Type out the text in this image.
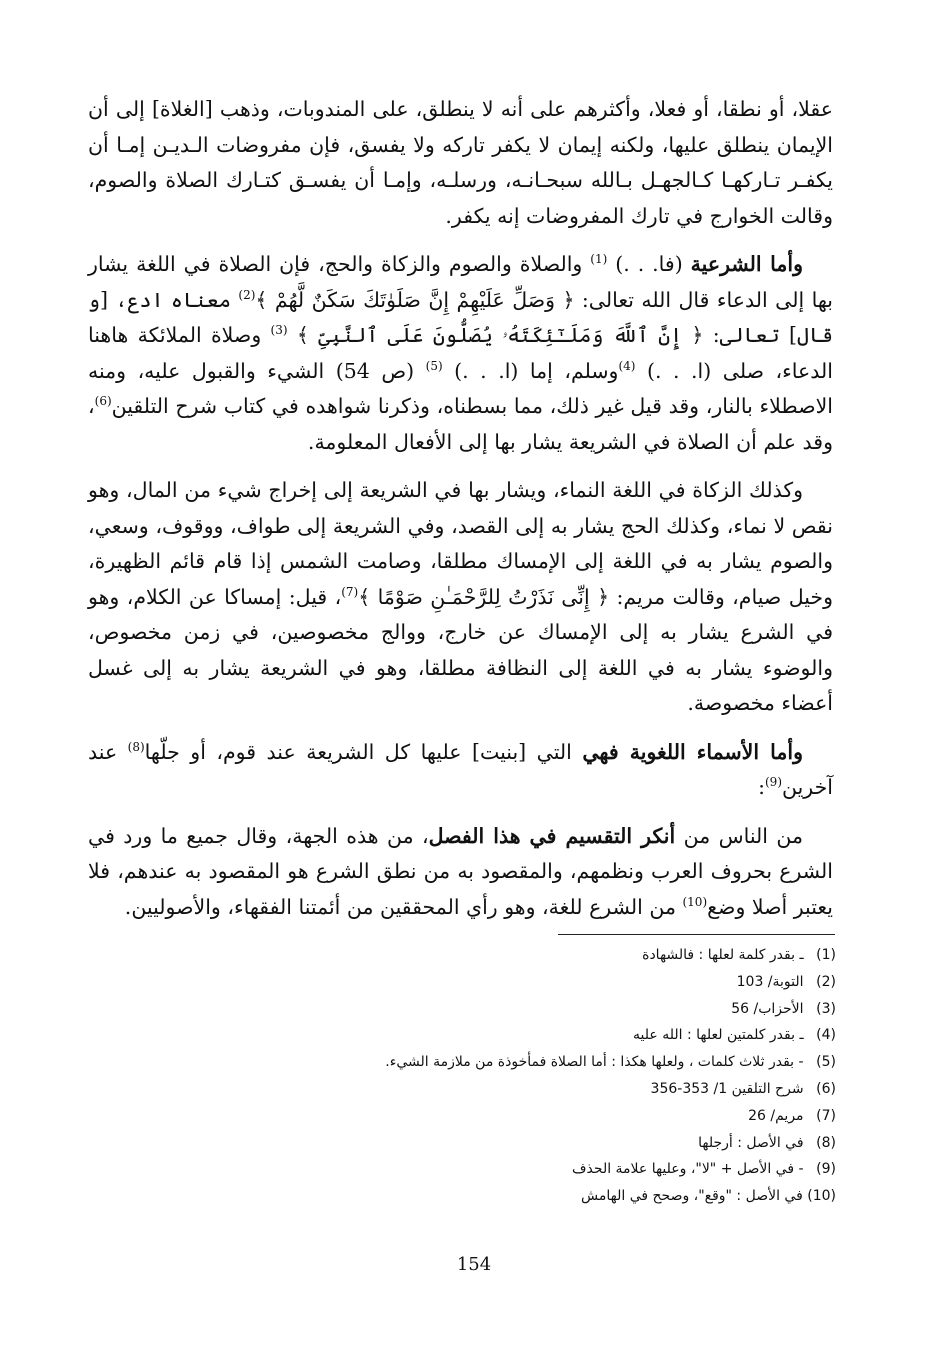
عقلا، أو نطقا، أو فعلا، وأكثرهم على أنه لا ينطلق، على المندوبات، وذهب [الغلاة] إلى أن الإيمان ينطلق عليها، ولكنه إيمان لا يكفر تاركه ولا يفسق، فإن مفروضات الـديـن إمـا أن يكفـر تـاركهـا كـالجهـل بـالله سبحـانـه، ورسلـه، وإمـا أن يفسـق كتـارك الصلاة والصوم، وقالت الخوارج في تارك المفروضات إنه يكفر.

وأما الشرعية (فا. . .) $^{(1)}$ والصلاة والصوم والزكاة والحج، فإن الصلاة في اللغة يشار بها إلى الدعاء قال الله تعالى: ﴿ وَصَلِّ عَلَيْهِمْ إِنَّ صَلَوٰتَكَ سَكَنٌ لَّهُمْ ﴾$^{(2)}$ معناه ادع، [و قال] تعالى: ﴿ إِنَّ ٱللَّهَ وَمَلَـٰٓئِكَتَهُۥ يُصَلُّونَ عَلَى ٱلنَّبِىِّ ﴾ $^{(3)}$ وصلاة الملائكة هاهنا الدعاء، صلى (ا. . .) $^{(4)}$وسلم، إما (ا. . .) $^{(5)}$ (ص 54) الشيء والقبول عليه، ومنه الاصطلاء بالنار، وقد قيل غير ذلك، مما بسطناه، وذكرنا شواهده في كتاب شرح التلقين$^{(6)}$، وقد علم أن الصلاة في الشريعة يشار بها إلى الأفعال المعلومة.

وكذلك الزكاة في اللغة النماء، ويشار بها في الشريعة إلى إخراج شيء من المال، وهو نقص لا نماء، وكذلك الحج يشار به إلى القصد، وفي الشريعة إلى طواف، ووقوف، وسعي، والصوم يشار به في اللغة إلى الإمساك مطلقا، وصامت الشمس إذا قام قائم الظهيرة، وخيل صيام، وقالت مريم: ﴿ إِنِّى نَذَرْتُ لِلرَّحْمَـٰنِ صَوْمًا ﴾$^{(7)}$، قيل: إمساكا عن الكلام، وهو في الشرع يشار به إلى الإمساك عن خارج، ووالج مخصوصين، في زمن مخصوص، والوضوء يشار به في اللغة إلى النظافة مطلقا، وهو في الشريعة يشار به إلى غسل أعضاء مخصوصة.

وأما الأسماء اللغوية فهي التي [بنيت] عليها كل الشريعة عند قوم، أو جلّها$^{(8)}$ عند آخرين$^{(9)}$:

من الناس من أنكر التقسيم في هذا الفصل، من هذه الجهة، وقال جميع ما ورد في الشرع بحروف العرب ونظمهم، والمقصود به من نطق الشرع هو المقصود به عندهم، فلا يعتبر أصلا وضع$^{(10)}$ من الشرع للغة، وهو رأي المحققين من أئمتنا الفقهاء، والأصوليين.

(1) ـ بقدر كلمة لعلها : فالشهادة
(2) التوبة/ 103
(3) الأحزاب/ 56
(4) ـ بقدر كلمتين لعلها : الله عليه
(5) - بقدر ثلاث كلمات ، ولعلها هكذا : أما الصلاة فمأخوذة من ملازمة الشيء.
(6) شرح التلقين 1/ 353-356
(7) مريم/ 26
(8) في الأصل : أرجلها
(9) - في الأصل + "لا"، وعليها علامة الحذف
(10) في الأصل : "وقع"، وصحح في الهامش
154
